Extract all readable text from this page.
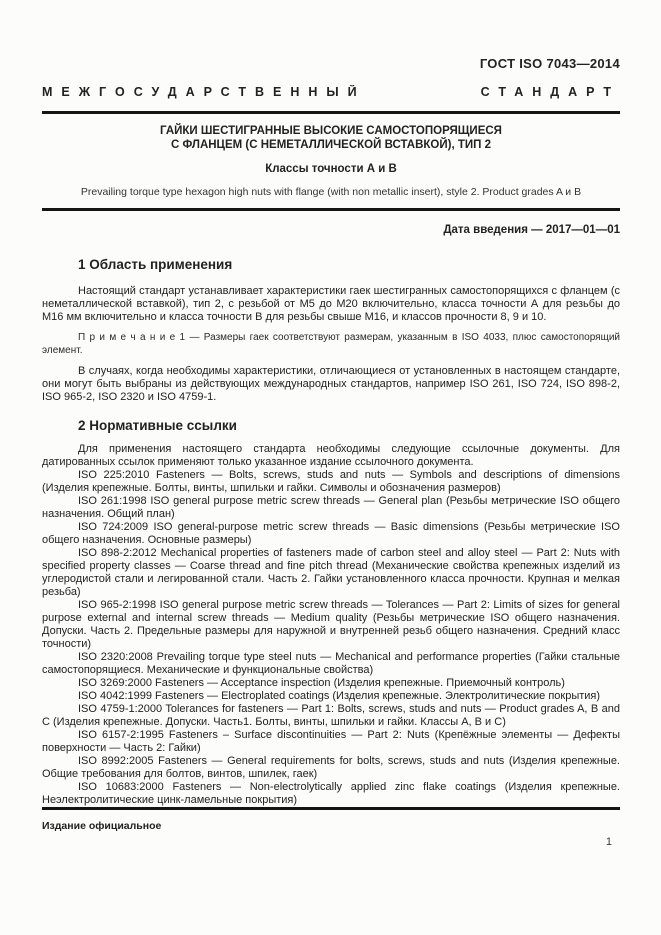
ГОСТ ISO 7043—2014
МЕЖГОСУДАРСТВЕННЫЙ СТАНДАРТ
ГАЙКИ ШЕСТИГРАННЫЕ ВЫСОКИЕ САМОСТОПОРЯЩИЕСЯ
С ФЛАНЦЕМ (С НЕМЕТАЛЛИЧЕСКОЙ ВСТАВКОЙ), ТИП 2
Классы точности А и В
Prevailing torque type hexagon high nuts with flange (with non metallic insert), style 2. Product grades A и B
Дата введения — 2017—01—01
1 Область применения

Настоящий стандарт устанавливает характеристики гаек шестигранных самостопорящихся с фланцем (с неметаллической вставкой), тип 2, с резьбой от М5 до М20 включительно, класса точности А для резьбы до М16 мм включительно и класса точности В для резьбы свыше М16, и классов прочности 8, 9 и 10.

П р и м е ч а н и е 1 — Размеры гаек соответствуют размерам, указанным в ISO 4033, плюс самостопорящий элемент.

В случаях, когда необходимы характеристики, отличающиеся от установленных в настоящем стандарте, они могут быть выбраны из действующих международных стандартов, например ISO 261, ISO 724, ISO 898-2, ISO 965-2, ISO 2320 и ISO 4759-1.

2 Нормативные ссылки

Для применения настоящего стандарта необходимы следующие ссылочные документы. Для датированных ссылок применяют только указанное издание ссылочного документа.

ISO 225:2010 Fasteners — Bolts, screws, studs and nuts — Symbols and descriptions of dimensions (Изделия крепежные. Болты, винты, шпильки и гайки. Символы и обозначения размеров)

ISO 261:1998 ISO general purpose metric screw threads — General plan (Резьбы метрические ISO общего назначения. Общий план)

ISO 724:2009 ISO general-purpose metric screw threads — Basic dimensions (Резьбы метрические ISO общего назначения. Основные размеры)

ISO 898-2:2012 Mechanical properties of fasteners made of carbon steel and alloy steel — Part 2: Nuts with specified property classes — Coarse thread and fine pitch thread (Механические свойства крепежных изделий из углеродистой стали и легированной стали. Часть 2. Гайки установленного класса прочности. Крупная и мелкая резьба)

ISO 965-2:1998 ISO general purpose metric screw threads — Tolerances — Part 2: Limits of sizes for general purpose external and internal screw threads — Medium quality (Резьбы метрические ISO общего назначения. Допуски. Часть 2. Предельные размеры для наружной и внутренней резьб общего назначения. Средний класс точности)

ISO 2320:2008 Prevailing torque type steel nuts — Mechanical and performance properties (Гайки стальные самостопорящиеся. Механические и функциональные свойства)

ISO 3269:2000 Fasteners — Acceptance inspection (Изделия крепежные. Приемочный контроль)

ISO 4042:1999 Fasteners — Electroplated coatings (Изделия крепежные. Электролитические покрытия)

ISO 4759-1:2000 Tolerances for fasteners — Part 1: Bolts, screws, studs and nuts — Product grades A, B and C (Изделия крепежные. Допуски. Часть1. Болты, винты, шпильки и гайки. Классы А, В и С)

ISO 6157-2:1995 Fasteners – Surface discontinuities — Part 2: Nuts (Крепёжные элементы — Дефекты поверхности — Часть 2: Гайки)

ISO 8992:2005 Fasteners — General requirements for bolts, screws, studs and nuts (Изделия крепежные. Общие требования для болтов, винтов, шпилек, гаек)

ISO 10683:2000 Fasteners — Non-electrolytically applied zinc flake coatings (Изделия крепежные. Неэлектролитические цинк-ламельные покрытия)

Издание официальное
1
